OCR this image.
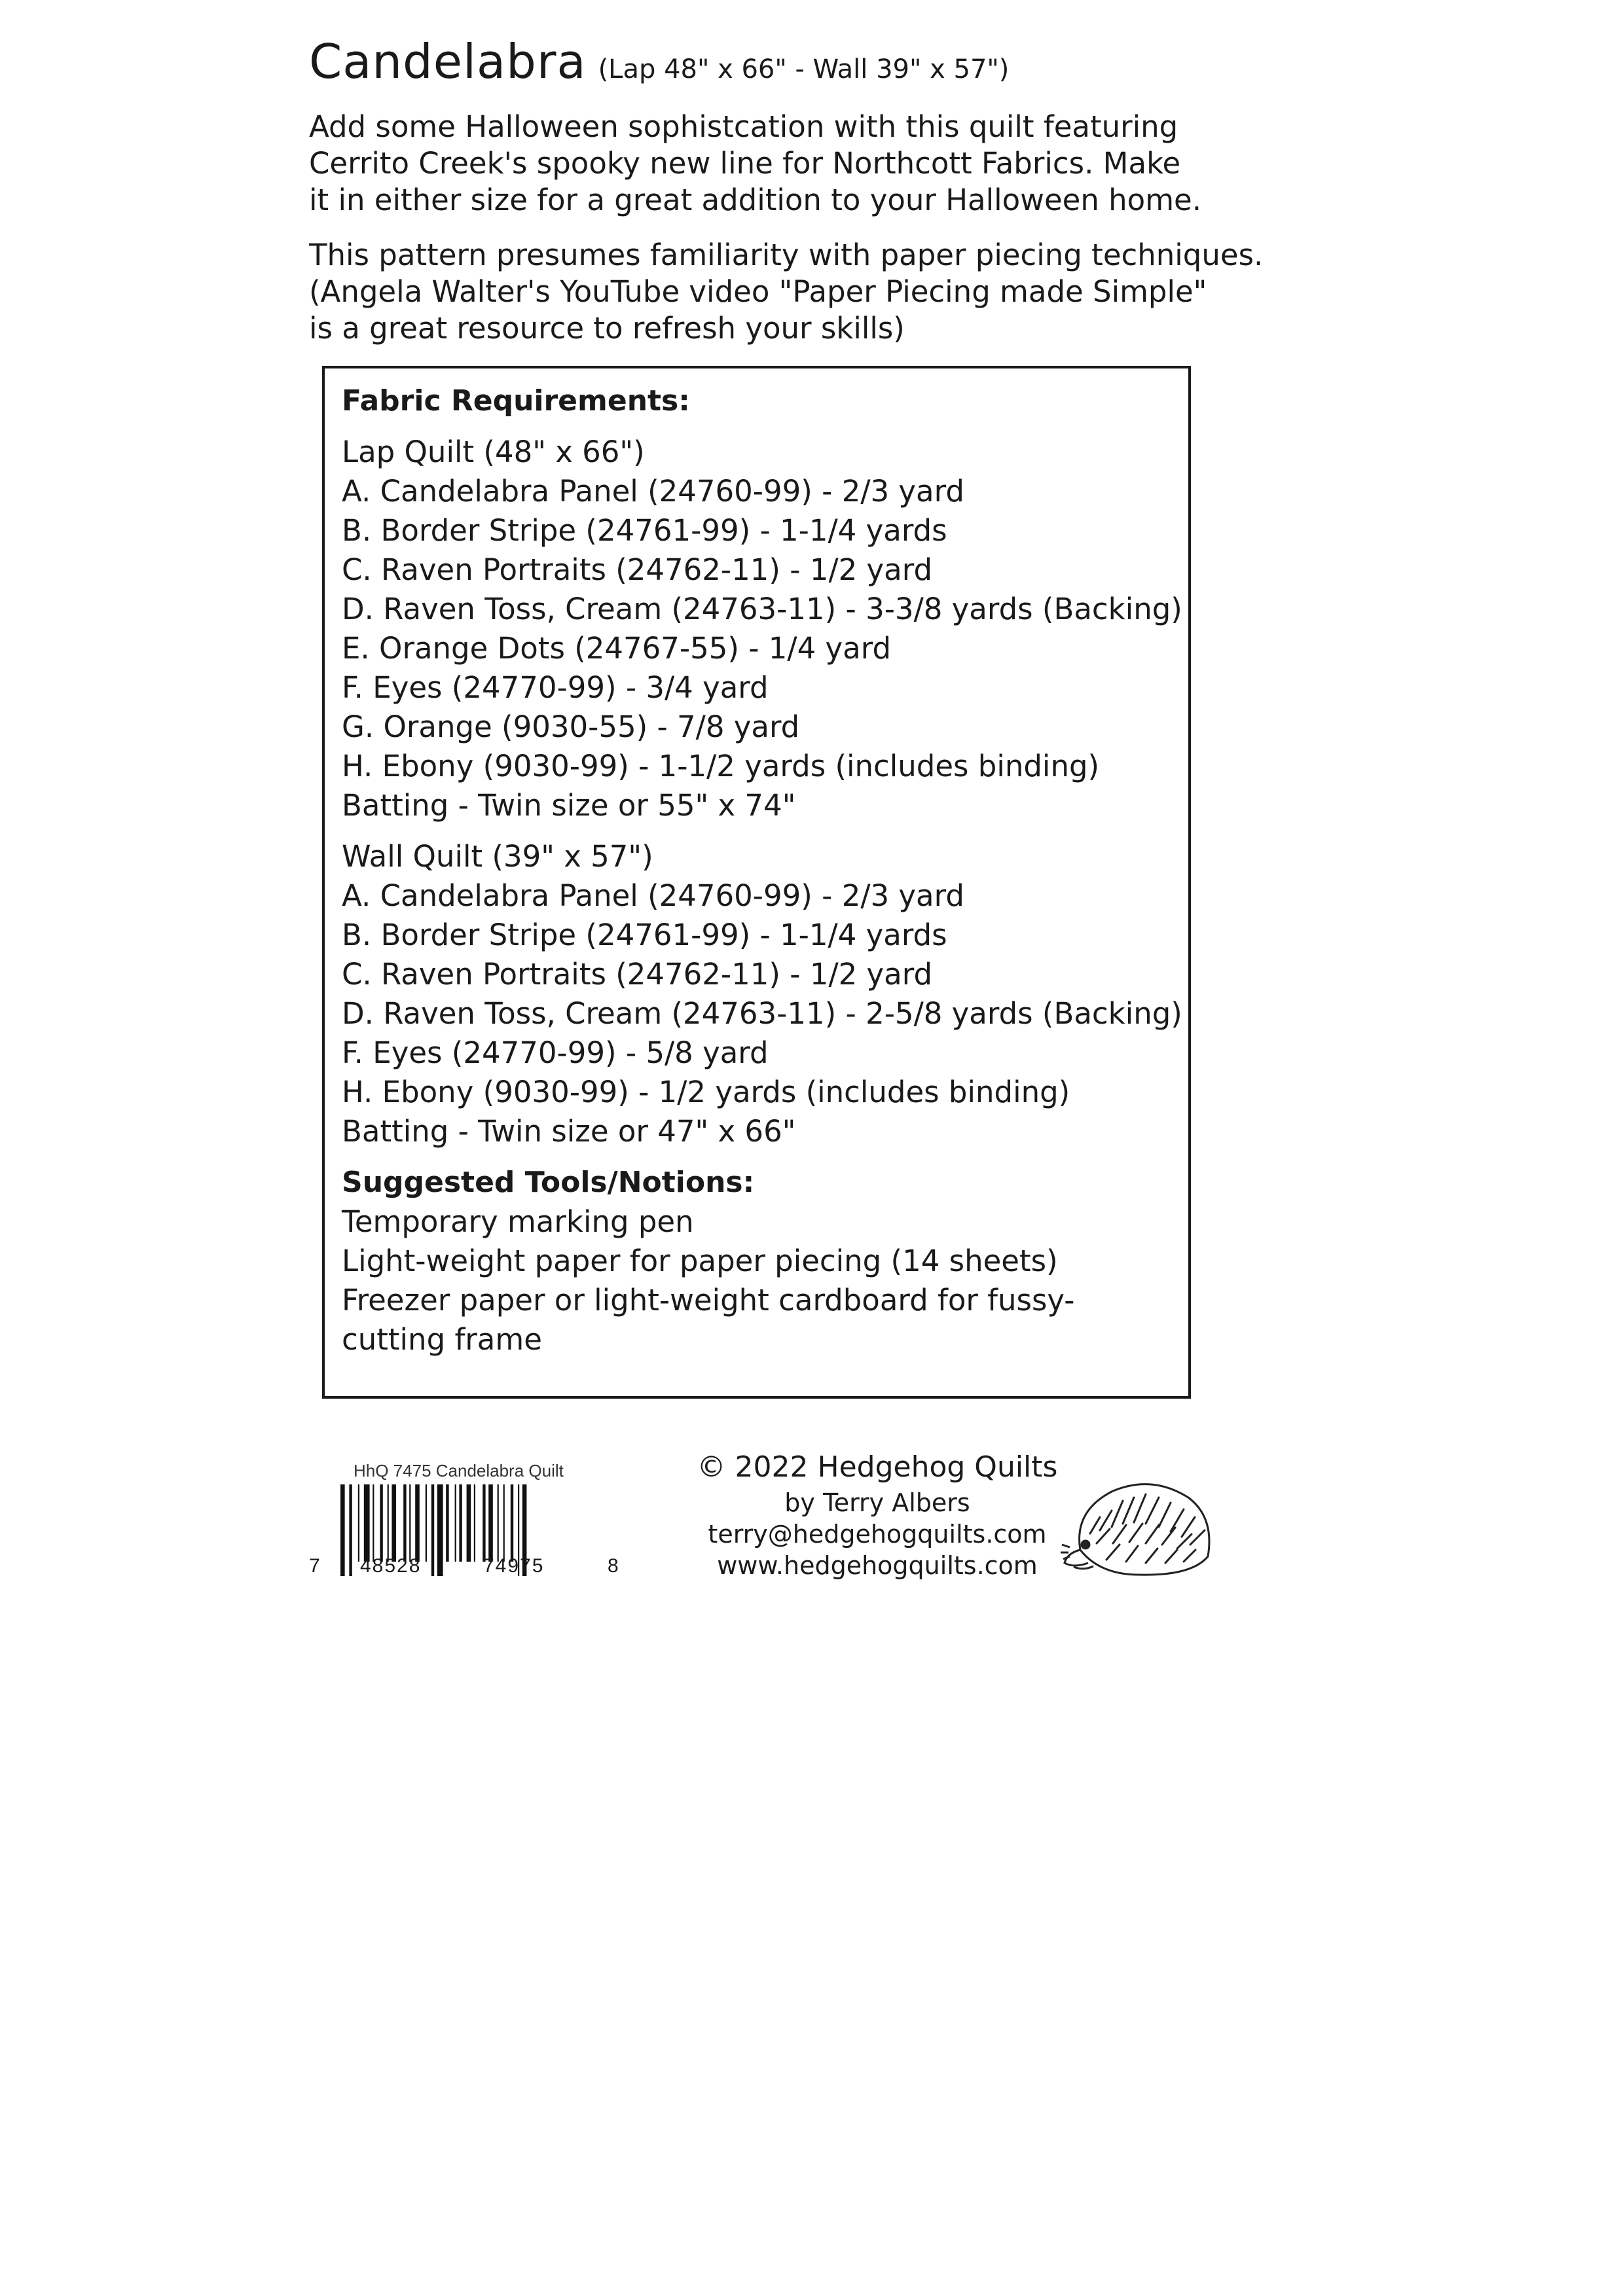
Candelabra (Lap 48" x 66" - Wall 39" x 57")
Add some Halloween sophistcation with this quilt featuring
Cerrito Creek's spooky new line for Northcott Fabrics. Make
it in either size for a great addition to your Halloween home.
This pattern presumes familiarity with paper piecing techniques.
(Angela Walter's YouTube video "Paper Piecing made Simple"
is a great resource to refresh your skills)
Fabric Requirements:
Lap Quilt (48" x 66")
A. Candelabra Panel (24760-99) - 2/3 yard
B. Border Stripe (24761-99) - 1-1/4 yards
C. Raven Portraits (24762-11) - 1/2 yard
D. Raven Toss, Cream (24763-11) - 3-3/8 yards (Backing)
E. Orange Dots (24767-55) - 1/4 yard
F. Eyes (24770-99) - 3/4 yard
G. Orange (9030-55) - 7/8 yard
H. Ebony (9030-99) - 1-1/2 yards (includes binding)
Batting - Twin size or 55" x 74"
Wall Quilt (39" x 57")
A. Candelabra Panel (24760-99) - 2/3 yard
B. Border Stripe (24761-99) - 1-1/4 yards
C. Raven Portraits (24762-11) - 1/2 yard
D. Raven Toss, Cream (24763-11) - 2-5/8 yards (Backing)
F. Eyes (24770-99) - 5/8 yard
H. Ebony (9030-99) - 1/2 yards (includes binding)
Batting - Twin size or 47" x 66"
Suggested Tools/Notions:
Temporary marking pen
Light-weight paper for paper piecing (14 sheets)
Freezer paper or light-weight cardboard for fussy-
cutting frame
HhQ 7475 Candelabra Quilt
7 48528	74975	8
© 2022 Hedgehog Quilts
by Terry Albers
terry@hedgehogquilts.com
www.hedgehogquilts.com
